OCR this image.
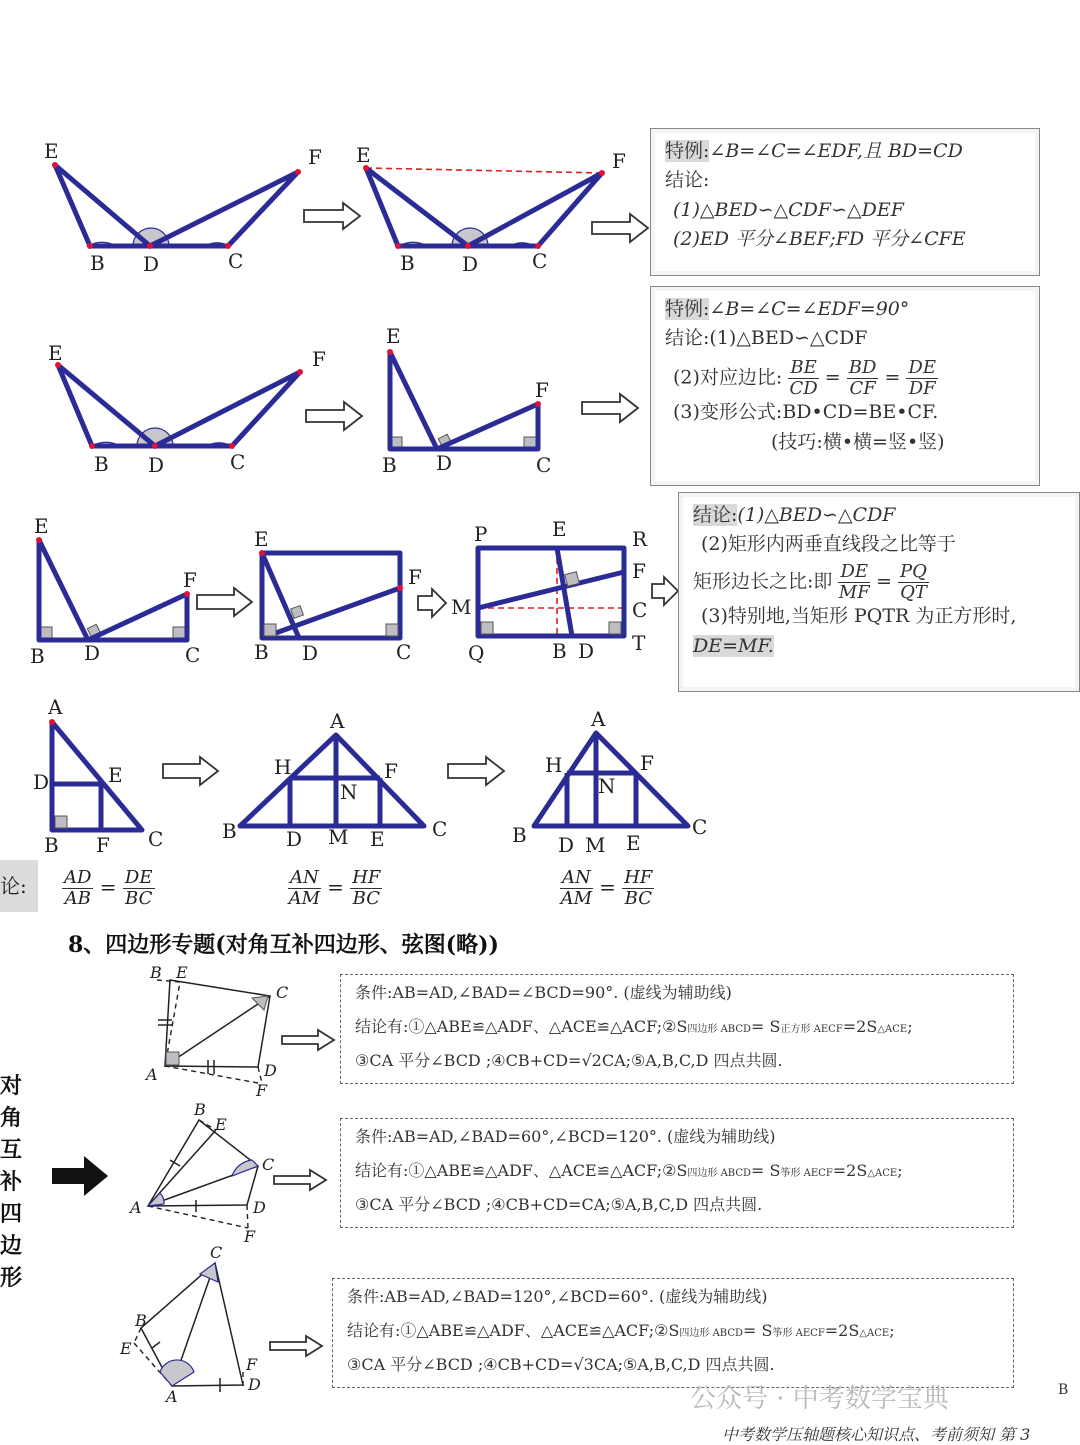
E	F
B D	C
E	F
B D	C
E	F
B D	C
E
F
B D	C
E
F
B D	C
E
F
B D	C
P	E	R
F
M	C
Q	B D T
A
D	E
B F C
A
H	F
N
B D M E C
A
H	F
N
B D M E
C
B E
C
A	D
F
B
E
C
A	D
F
C
B
E
F
A
D
特例:∠B=∠C=∠EDF,且 BD=CD
结论:
(1)△BED∽△CDF∽△DEF
(2)ED 平分∠BEF;FD 平分∠CFE
特例:∠B=∠C=∠EDF=90°
结论:(1)△BED∽△CDF
(2)对应边比: $\frac{BE}{CD} = \frac{BD}{CF} = \frac{DE}{DF}$
(3)变形公式:BD•CD=BE•CF.
(技巧:横•横=竖•竖)
结论:(1)△BED∽△CDF
(2)矩形内两垂直线段之比等于
矩形边长之比:即 $\frac{DE}{MF} = \frac{PQ}{QT}$
(3)特别地,当矩形 PQTR 为正方形时,
DE=MF.
论:	$\frac{AD}{AB} = \frac{DE}{BC}$	$\frac{AN}{AM} = \frac{HF}{BC}$	$\frac{AN}{AM} = \frac{HF}{BC}$
8、四边形专题(对角互补四边形、弦图(略))
对
角
互
补
四
边
形
条件:AB=AD,∠BAD=∠BCD=90°. (虚线为辅助线)
结论有:①△ABE≌△ADF、△ACE≌△ACF;②S四边形 ABCD= S正方形 AECF=2S△ACE;
③CA 平分∠BCD ;④CB+CD=√2CA;⑤A,B,C,D 四点共圆.
条件:AB=AD,∠BAD=60°,∠BCD=120°. (虚线为辅助线)
结论有:①△ABE≌△ADF、△ACE≌△ACF;②S四边形 ABCD= S筝形 AECF=2S△ACE;
③CA 平分∠BCD ;④CB+CD=CA;⑤A,B,C,D 四点共圆.
条件:AB=AD,∠BAD=120°,∠BCD=60°. (虚线为辅助线)
结论有:①△ABE≌△ADF、△ACE≌△ACF;②S四边形 ABCD= S筝形 AECF=2S△ACE;
③CA 平分∠BCD ;④CB+CD=√3CA;⑤A,B,C,D 四点共圆.
公众号 · 中考数学宝典	B
中考数学压轴题核心知识点、考前须知 第 3
